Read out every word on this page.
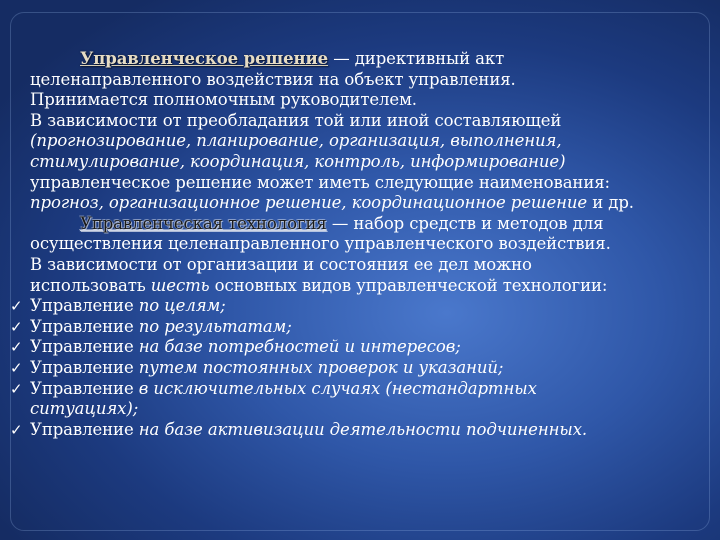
Управленческое решение — директивный акт
целенаправленного воздействия на объект управления.
Принимается полномочным руководителем.
В зависимости от преобладания той или иной составляющей
(прогнозирование, планирование, организация, выполнения,
стимулирование, координация, контроль, информирование)
управленческое решение может иметь следующие наименования:
прогноз, организационное решение, координационное решение и др.
Управленческая технология — набор средств и методов для
осуществления целенаправленного управленческого воздействия.
В зависимости от организации и состояния ее дел можно
использовать шесть основных видов управленческой технологии:
✓ Управление по целям;
✓ Управление по результатам;
✓ Управление на базе потребностей и интересов;
✓ Управление путем постоянных проверок и указаний;
✓ Управление в исключительных случаях (нестандартных
ситуациях);
✓ Управление на базе активизации деятельности подчиненных.
